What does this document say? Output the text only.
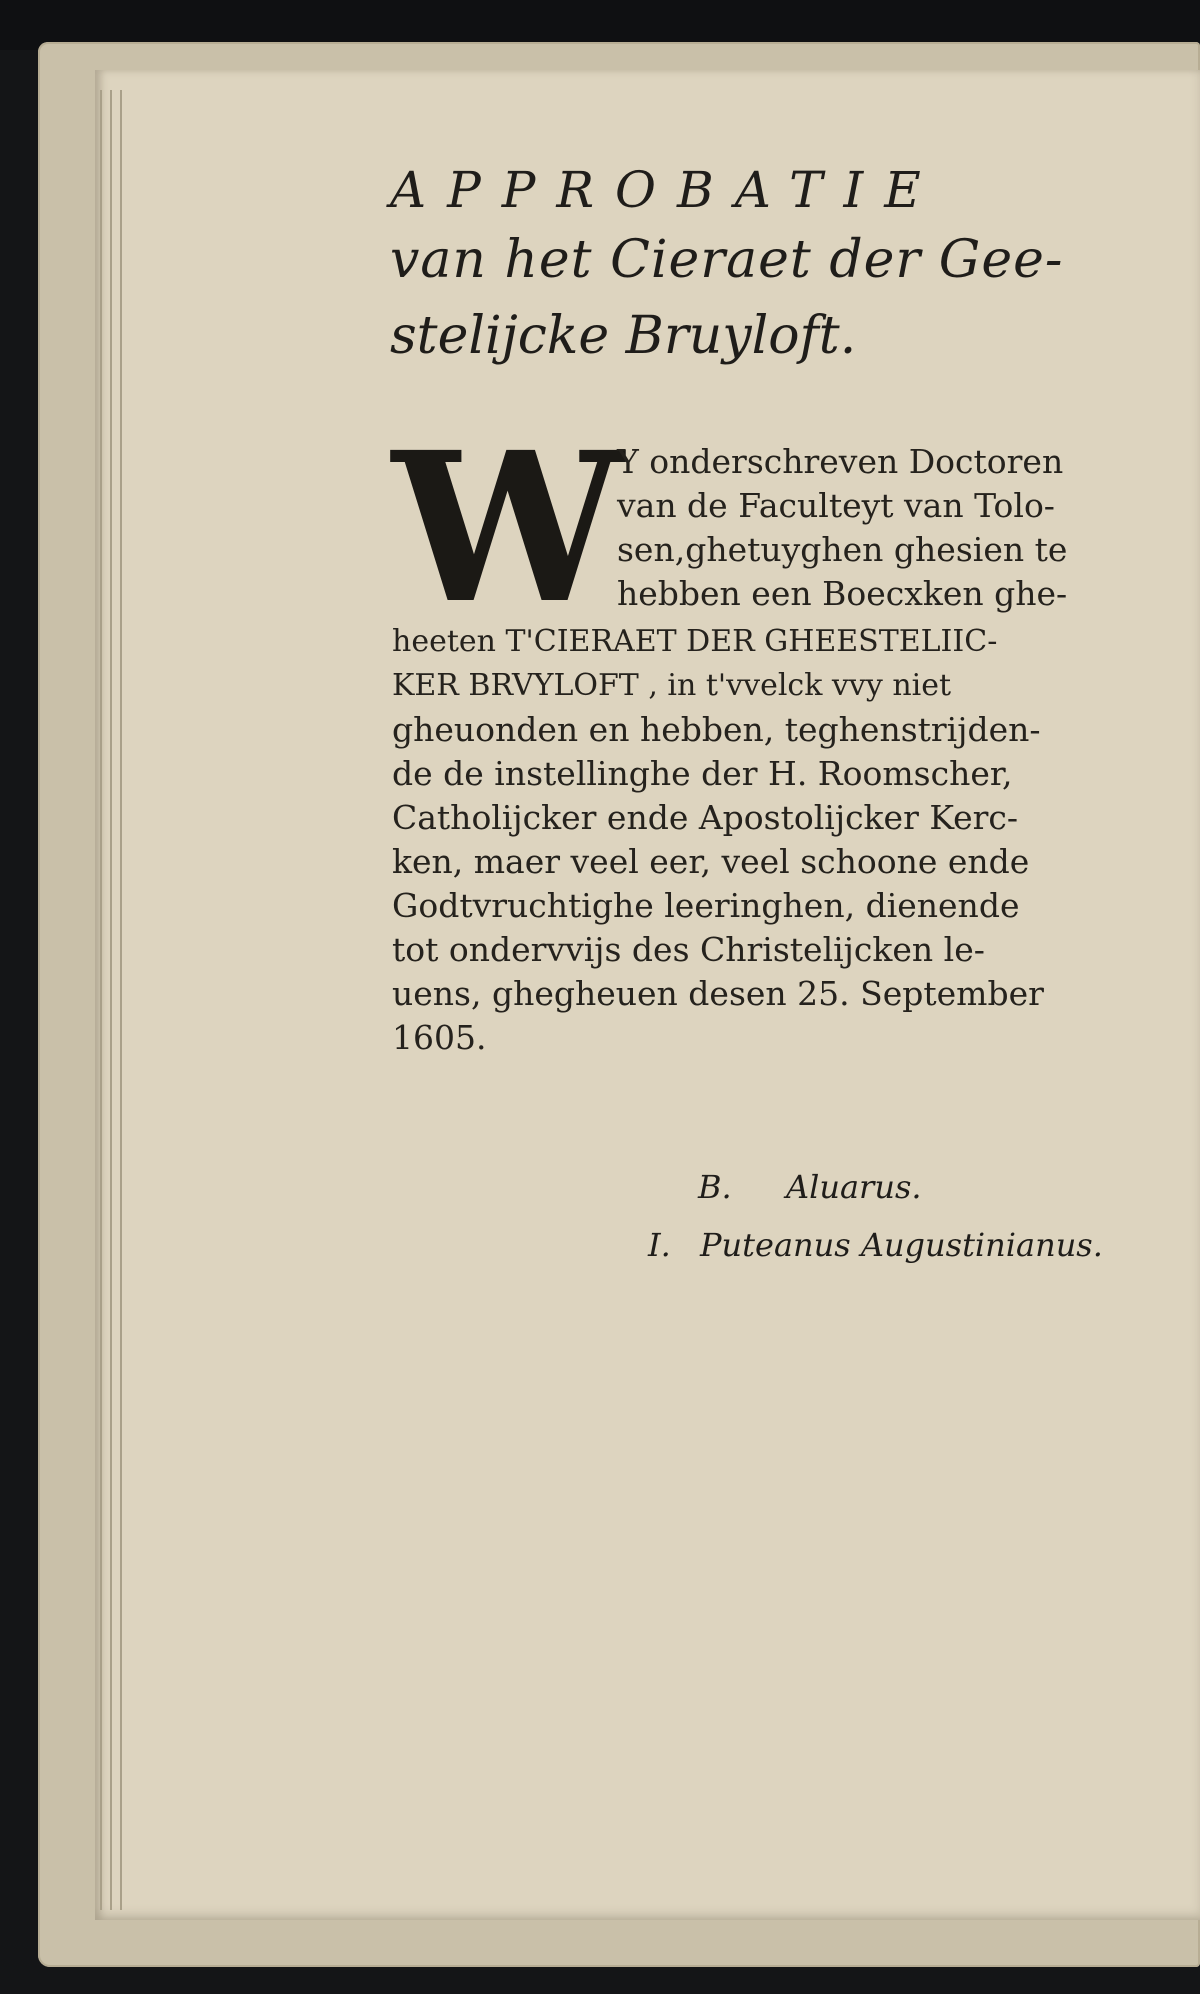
APPROBATIE
van het Cieraet der Gee-
stelijcke Bruyloft.
W Y onderschreven Doctoren
van de Faculteyt van Tolo-
sen,ghetuyghen ghesien te
hebben een Boecxken ghe-
heeten T'CIERAET DER GHEESTELIIC-
KER BRVYLOFT , in t'vvelck vvy niet
gheuonden en hebben, teghenstrijden-
de de instellinghe der H. Roomscher,
Catholijcker ende Apostolijcker Kerc-
ken, maer veel eer, veel schoone ende
Godtvruchtighe leeringhen, dienende
tot ondervvijs des Christelijcken le-
uens, ghegheuen desen 25. September
1605.
B. Aluarus.
I. Puteanus Augustinianus.
